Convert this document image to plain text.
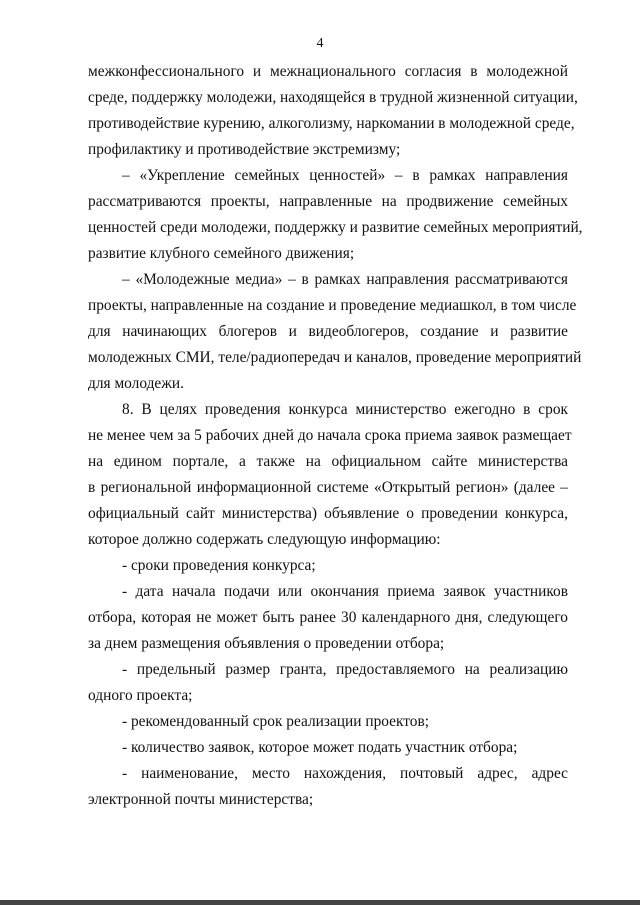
4
межконфессионального и межнационального согласия в молодежной
среде, поддержку молодежи, находящейся в трудной жизненной ситуации,
противодействие курению, алкоголизму, наркомании в молодежной среде,
профилактику и противодействие экстремизму;
– «Укрепление семейных ценностей» – в рамках направления
рассматриваются проекты, направленные на продвижение семейных
ценностей среди молодежи, поддержку и развитие семейных мероприятий,
развитие клубного семейного движения;
– «Молодежные медиа» – в рамках направления рассматриваются
проекты, направленные на создание и проведение медиашкол, в том числе
для начинающих блогеров и видеоблогеров, создание и развитие
молодежных СМИ, теле/радиопередач и каналов, проведение мероприятий
для молодежи.
8. В целях проведения конкурса министерство ежегодно в срок
не менее чем за 5 рабочих дней до начала срока приема заявок размещает
на едином портале, а также на официальном сайте министерства
в региональной информационной системе «Открытый регион» (далее –
официальный сайт министерства) объявление о проведении конкурса,
которое должно содержать следующую информацию:
- сроки проведения конкурса;
- дата начала подачи или окончания приема заявок участников
отбора, которая не может быть ранее 30 календарного дня, следующего
за днем размещения объявления о проведении отбора;
- предельный размер гранта, предоставляемого на реализацию
одного проекта;
- рекомендованный срок реализации проектов;
- количество заявок, которое может подать участник отбора;
- наименование, место нахождения, почтовый адрес, адрес
электронной почты министерства;
